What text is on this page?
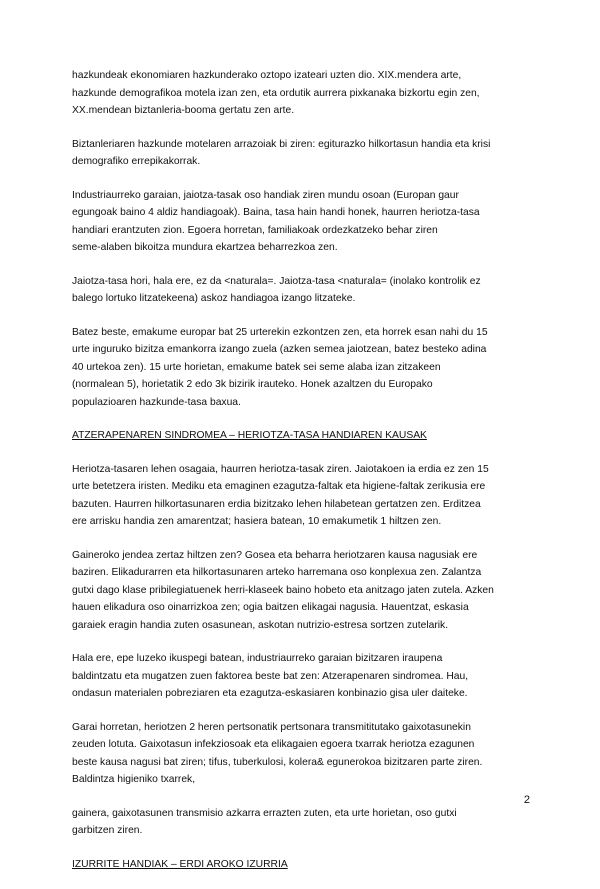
hazkundeak ekonomiaren hazkunderako oztopo izateari uzten dio. XIX.mendera arte,
hazkunde demografikoa motela izan zen, eta ordutik aurrera pixkanaka bizkortu egin zen,
XX.mendean biztanleria-booma gertatu zen arte.
Biztanleriaren hazkunde motelaren arrazoiak bi ziren: egiturazko hilkortasun handia eta krisi
demografiko errepikakorrak.
Industriaurreko garaian, jaiotza-tasak oso handiak ziren mundu osoan (Europan gaur
egungoak baino 4 aldiz handiagoak). Baina, tasa hain handi honek, haurren heriotza-tasa
handiari erantzuten zion. Egoera horretan, familiakoak ordezkatzeko behar ziren
seme-alaben bikoitza mundura ekartzea beharrezkoa zen.
Jaiotza-tasa hori, hala ere, ez da <naturala=. Jaiotza-tasa <naturala= (inolako kontrolik ez
balego lortuko litzatekeena) askoz handiagoa izango litzateke.
Batez beste, emakume europar bat 25 urterekin ezkontzen zen, eta horrek esan nahi du 15
urte inguruko bizitza emankorra izango zuela (azken semea jaiotzean, batez besteko adina
40 urtekoa zen). 15 urte horietan, emakume batek sei seme alaba izan zitzakeen
(normalean 5), horietatik 2 edo 3k bizirik irauteko. Honek azaltzen du Europako
populazioaren hazkunde-tasa baxua.
ATZERAPENAREN SINDROMEA – HERIOTZA-TASA HANDIAREN KAUSAK
Heriotza-tasaren lehen osagaia, haurren heriotza-tasak ziren. Jaiotakoen ia erdia ez zen 15
urte betetzera iristen. Mediku eta emaginen ezagutza-faltak eta higiene-faltak zerikusia ere
bazuten. Haurren hilkortasunaren erdia bizitzako lehen hilabetean gertatzen zen. Erditzea
ere arrisku handia zen amarentzat; hasiera batean, 10 emakumetik 1 hiltzen zen.
Gaineroko jendea zertaz hiltzen zen? Gosea eta beharra heriotzaren kausa nagusiak ere
baziren. Elikadurarren eta hilkortasunaren arteko harremana oso konplexua zen. Zalantza
gutxi dago klase pribilegiatuenek herri-klaseek baino hobeto eta anitzago jaten zutela. Azken
hauen elikadura oso oinarrizkoa zen; ogia baitzen elikagai nagusia. Hauentzat, eskasia
garaiek eragin handia zuten osasunean, askotan nutrizio-estresa sortzen zutelarik.
Hala ere, epe luzeko ikuspegi batean, industriaurreko garaian bizitzaren iraupena
baldintzatu eta mugatzen zuen faktorea beste bat zen: Atzerapenaren sindromea. Hau,
ondasun materialen pobreziaren eta ezagutza-eskasiaren konbinazio gisa uler daiteke.
Garai horretan, heriotzen 2 heren pertsonatik pertsonara transmititutako gaixotasunekin
zeuden lotuta. Gaixotasun infekziosoak eta elikagaien egoera txarrak heriotza ezagunen
beste kausa nagusi bat ziren; tifus, tuberkulosi, kolera& egunerokoa bizitzaren parte ziren.
Baldintza higieniko txarrek,
gainera, gaixotasunen transmisio azkarra errazten zuten, eta urte horietan, oso gutxi
garbitzen ziren.
IZURRITE HANDIAK – ERDI AROKO IZURRIA
2
